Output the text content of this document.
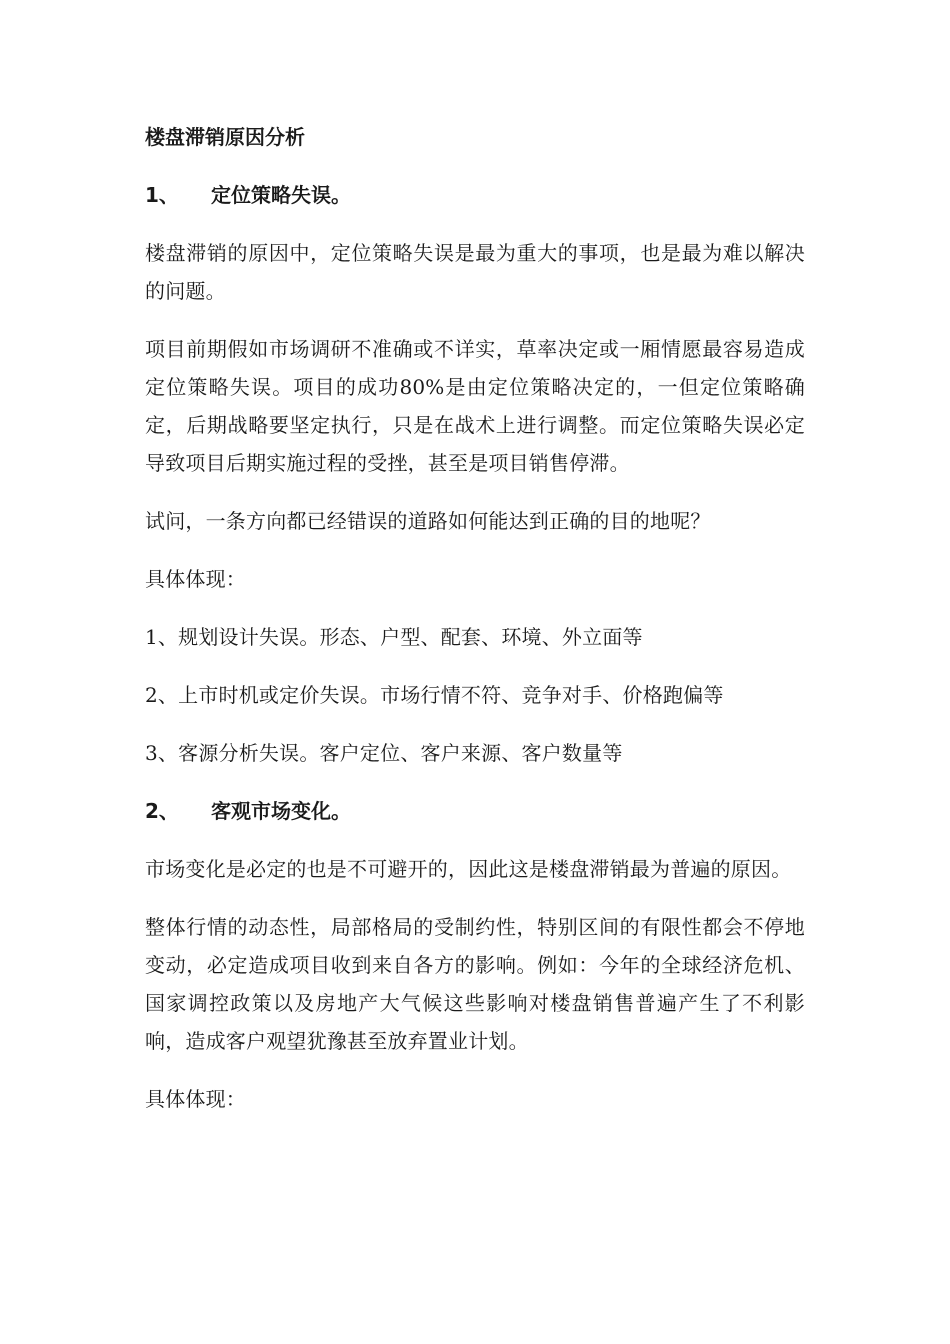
楼盘滞销原因分析
1、	定位策略失误。
楼盘滞销的原因中，定位策略失误是最为重大的事项，也是最为难以解决的问题。
项目前期假如市场调研不准确或不详实，草率决定或一厢情愿最容易造成定位策略失误。项目的成功80%是由定位策略决定的，一但定位策略确定，后期战略要坚定执行，只是在战术上进行调整。而定位策略失误必定导致项目后期实施过程的受挫，甚至是项目销售停滞。
试问，一条方向都已经错误的道路如何能达到正确的目的地呢？
具体体现：
1、规划设计失误。形态、户型、配套、环境、外立面等
2、上市时机或定价失误。市场行情不符、竞争对手、价格跑偏等
3、客源分析失误。客户定位、客户来源、客户数量等
2、	客观市场变化。
市场变化是必定的也是不可避开的，因此这是楼盘滞销最为普遍的原因。
整体行情的动态性，局部格局的受制约性，特别区间的有限性都会不停地变动，必定造成项目收到来自各方的影响。例如：今年的全球经济危机、国家调控政策以及房地产大气候这些影响对楼盘销售普遍产生了不利影响，造成客户观望犹豫甚至放弃置业计划。
具体体现：
